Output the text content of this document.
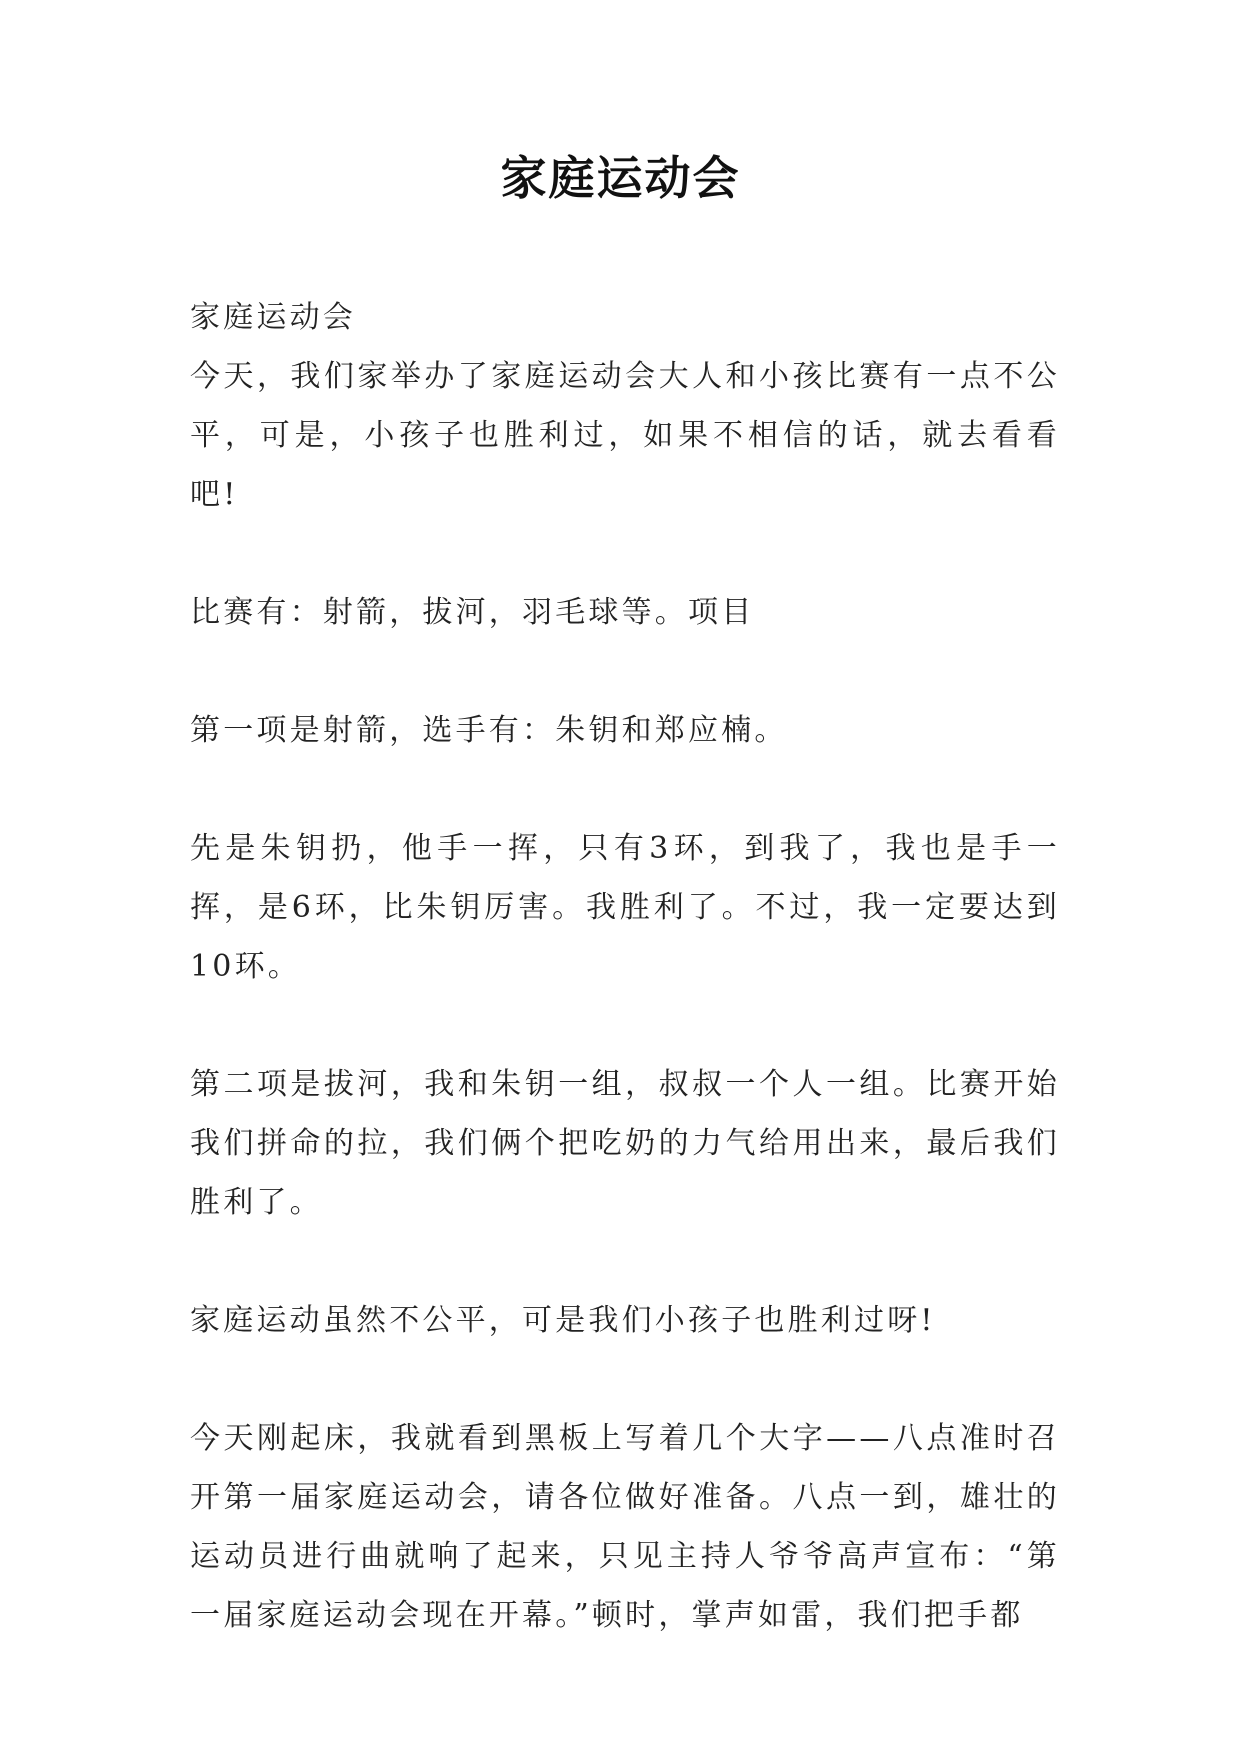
家庭运动会

家庭运动会

今天，我们家举办了家庭运动会大人和小孩比赛有一点不公平，可是，小孩子也胜利过，如果不相信的话，就去看看吧!

比赛有：射箭，拔河，羽毛球等。项目

第一项是射箭，选手有：朱钥和郑应楠。

先是朱钥扔，他手一挥，只有3环，到我了，我也是手一挥，是6环，比朱钥厉害。我胜利了。不过，我一定要达到10环。

第二项是拔河，我和朱钥一组，叔叔一个人一组。比赛开始我们拼命的拉，我们俩个把吃奶的力气给用出来，最后我们胜利了。

家庭运动虽然不公平，可是我们小孩子也胜利过呀!

今天刚起床，我就看到黑板上写着几个大字——八点准时召开第一届家庭运动会，请各位做好准备。八点一到，雄壮的运动员进行曲就响了起来，只见主持人爷爷高声宣布：“第一届家庭运动会现在开幕。”顿时，掌声如雷，我们把手都
